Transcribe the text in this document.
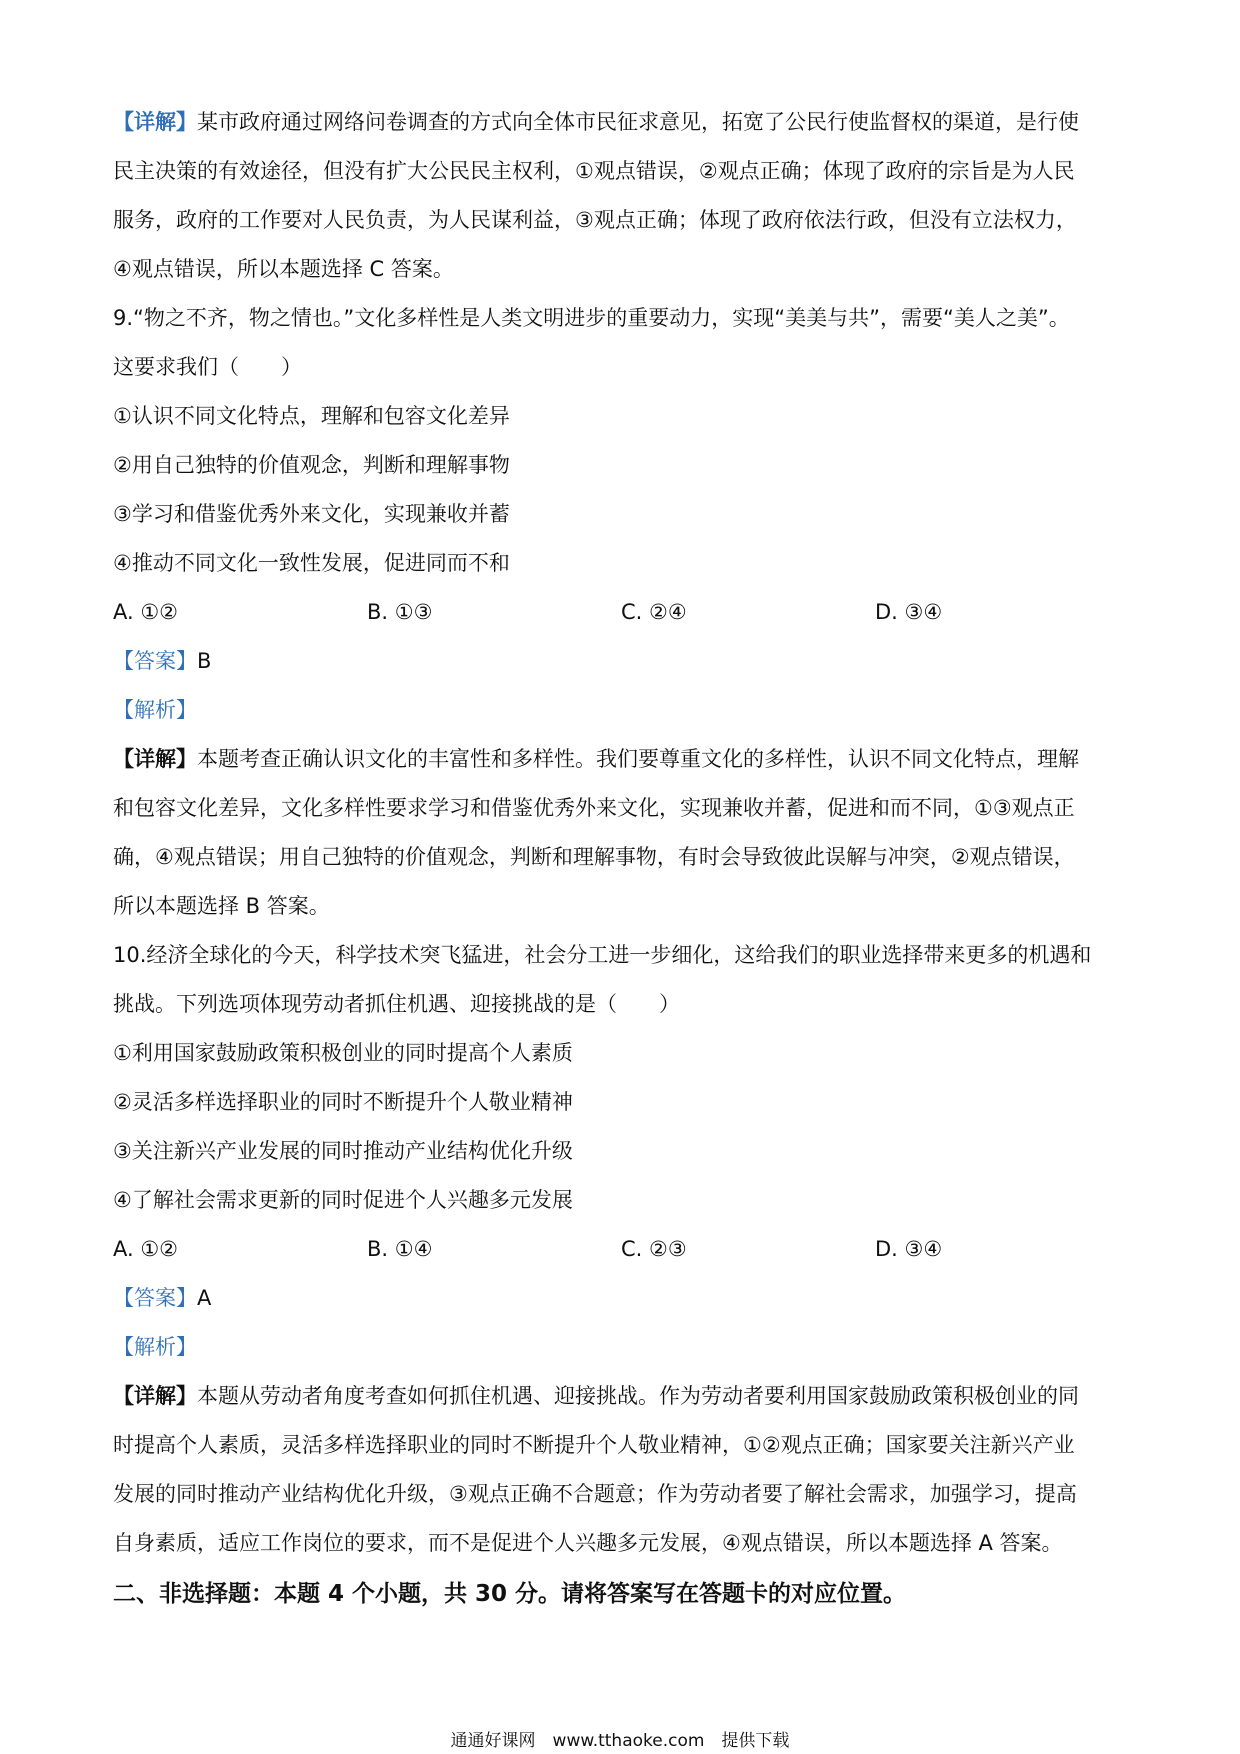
【详解】某市政府通过网络问卷调查的方式向全体市民征求意见，拓宽了公民行使监督权的渠道，是行使
民主决策的有效途径，但没有扩大公民民主权利，①观点错误，②观点正确；体现了政府的宗旨是为人民
服务，政府的工作要对人民负责，为人民谋利益，③观点正确；体现了政府依法行政，但没有立法权力，
④观点错误，所以本题选择 C 答案。
9.“物之不齐，物之情也。”文化多样性是人类文明进步的重要动力，实现“美美与共”，需要“美人之美”。
这要求我们（　　）
①认识不同文化特点，理解和包容文化差异
②用自己独特的价值观念，判断和理解事物
③学习和借鉴优秀外来文化，实现兼收并蓄
④推动不同文化一致性发展，促进同而不和
A. ①②	B. ①③	C. ②④	D. ③④
【答案】B
【解析】
【详解】本题考查正确认识文化的丰富性和多样性。我们要尊重文化的多样性，认识不同文化特点，理解
和包容文化差异，文化多样性要求学习和借鉴优秀外来文化，实现兼收并蓄，促进和而不同，①③观点正
确，④观点错误；用自己独特的价值观念，判断和理解事物，有时会导致彼此误解与冲突，②观点错误，
所以本题选择 B 答案。
10.经济全球化的今天，科学技术突飞猛进，社会分工进一步细化，这给我们的职业选择带来更多的机遇和
挑战。下列选项体现劳动者抓住机遇、迎接挑战的是（　　）
①利用国家鼓励政策积极创业的同时提高个人素质
②灵活多样选择职业的同时不断提升个人敬业精神
③关注新兴产业发展的同时推动产业结构优化升级
④了解社会需求更新的同时促进个人兴趣多元发展
A. ①②	B. ①④	C. ②③	D. ③④
【答案】A
【解析】
【详解】本题从劳动者角度考查如何抓住机遇、迎接挑战。作为劳动者要利用国家鼓励政策积极创业的同
时提高个人素质，灵活多样选择职业的同时不断提升个人敬业精神，①②观点正确；国家要关注新兴产业
发展的同时推动产业结构优化升级，③观点正确不合题意；作为劳动者要了解社会需求，加强学习，提高
自身素质，适应工作岗位的要求，而不是促进个人兴趣多元发展，④观点错误，所以本题选择 A 答案。
二、非选择题：本题 4 个小题，共 30 分。请将答案写在答题卡的对应位置。
通通好课网　www.tthaoke.com　提供下载
